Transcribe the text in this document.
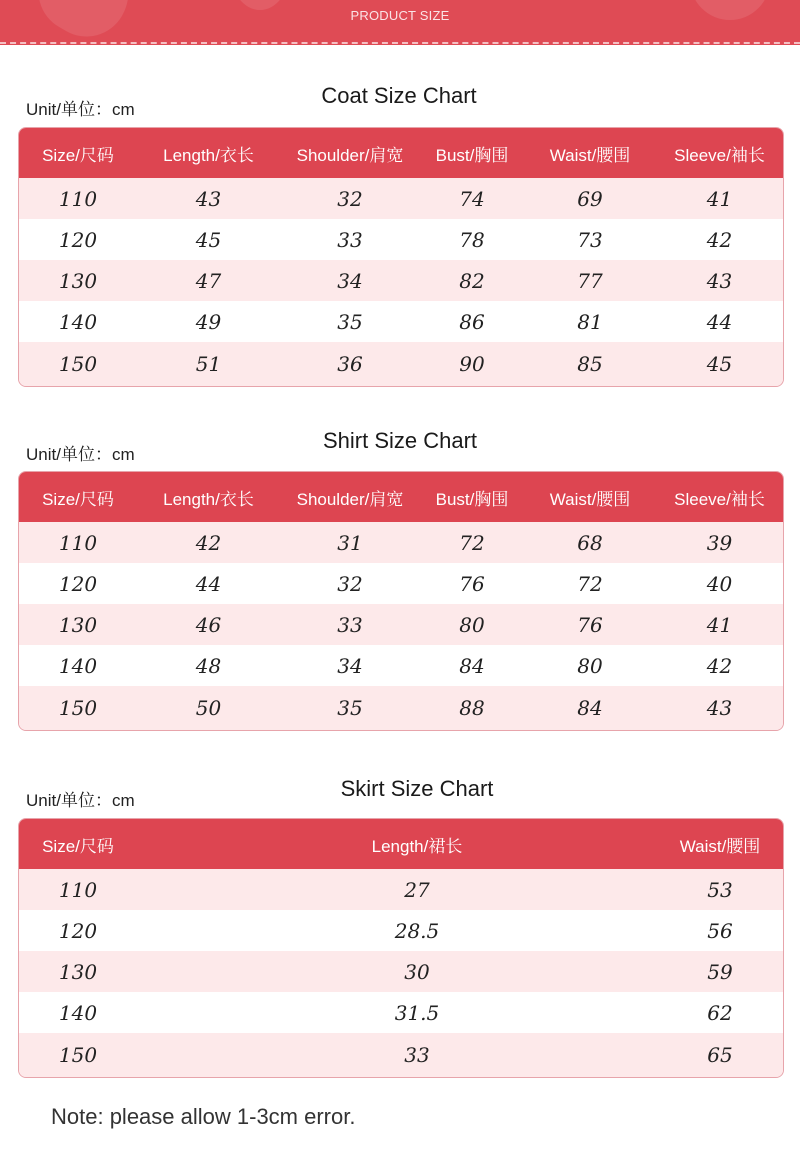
PRODUCT SIZE
Unit/单位：cm
Coat Size Chart
Size/尺码	Length/衣长	Shoulder/肩宽	Bust/胸围	Waist/腰围	Sleeve/袖长
110	43	32	74	69	41
120	45	33	78	73	42
130	47	34	82	77	43
140	49	35	86	81	44
150	51	36	90	85	45
Unit/单位：cm
Shirt Size Chart
Size/尺码	Length/衣长	Shoulder/肩宽	Bust/胸围	Waist/腰围	Sleeve/袖长
110	42	31	72	68	39
120	44	32	76	72	40
130	46	33	80	76	41
140	48	34	84	80	42
150	50	35	88	84	43
Unit/单位：cm	Skirt Size Chart
Size/尺码	Length/裙长	Waist/腰围
110	27	53
120	28.5	56
130	30	59
140	31.5	62
150	33	65
Note: please allow 1-3cm error.
